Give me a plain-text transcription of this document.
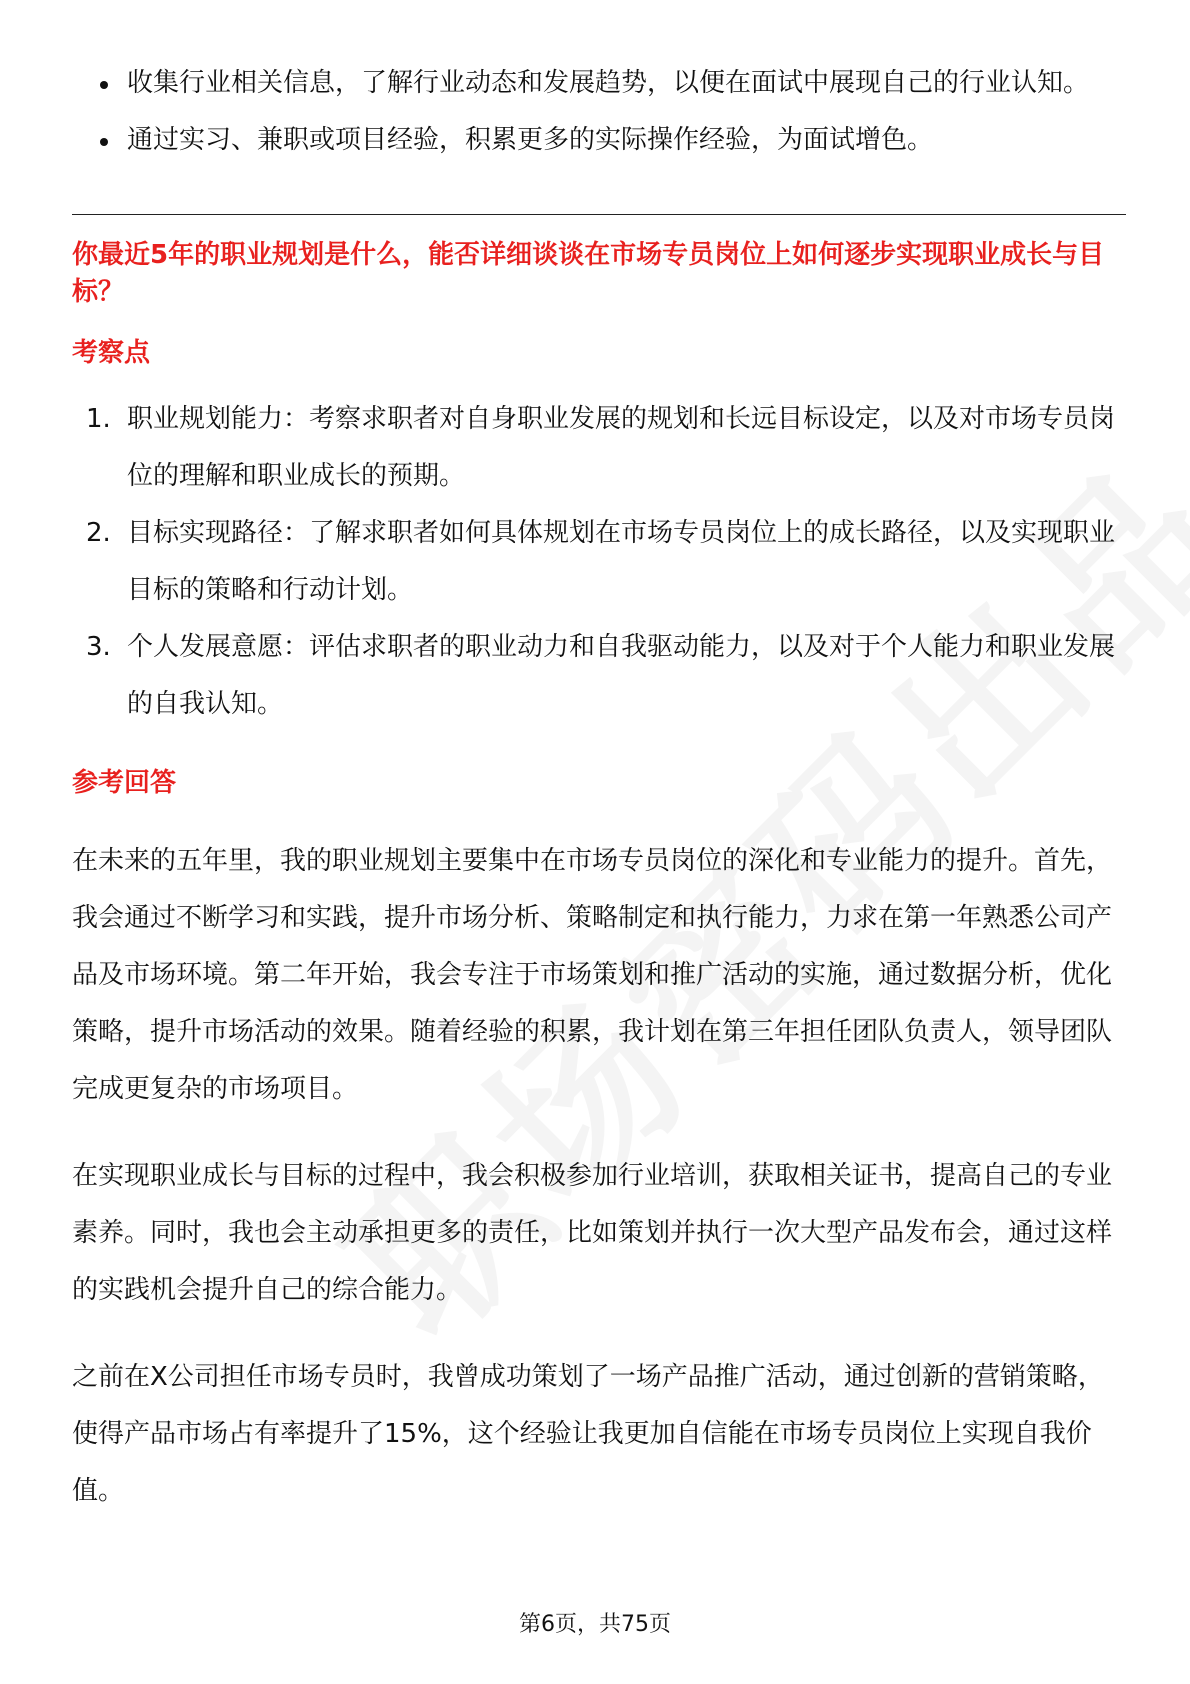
收集行业相关信息，了解行业动态和发展趋势，以便在面试中展现自己的行业认知。
通过实习、兼职或项目经验，积累更多的实际操作经验，为面试增色。
你最近5年的职业规划是什么，能否详细谈谈在市场专员岗位上如何逐步实现职业成长与目标？
考察点
1. 职业规划能力：考察求职者对自身职业发展的规划和长远目标设定，以及对市场专员岗位的理解和职业成长的预期。
2. 目标实现路径：了解求职者如何具体规划在市场专员岗位上的成长路径，以及实现职业目标的策略和行动计划。
3. 个人发展意愿：评估求职者的职业动力和自我驱动能力，以及对于个人能力和职业发展的自我认知。
参考回答

在未来的五年里，我的职业规划主要集中在市场专员岗位的深化和专业能力的提升。首先，我会通过不断学习和实践，提升市场分析、策略制定和执行能力，力求在第一年熟悉公司产品及市场环境。第二年开始，我会专注于市场策划和推广活动的实施，通过数据分析，优化策略，提升市场活动的效果。随着经验的积累，我计划在第三年担任团队负责人，领导团队完成更复杂的市场项目。

在实现职业成长与目标的过程中，我会积极参加行业培训，获取相关证书，提高自己的专业素养。同时，我也会主动承担更多的责任，比如策划并执行一次大型产品发布会，通过这样的实践机会提升自己的综合能力。

之前在X公司担任市场专员时，我曾成功策划了一场产品推广活动，通过创新的营销策略，使得产品市场占有率提升了15%，这个经验让我更加自信能在市场专员岗位上实现自我价值。

第6页，共75页
